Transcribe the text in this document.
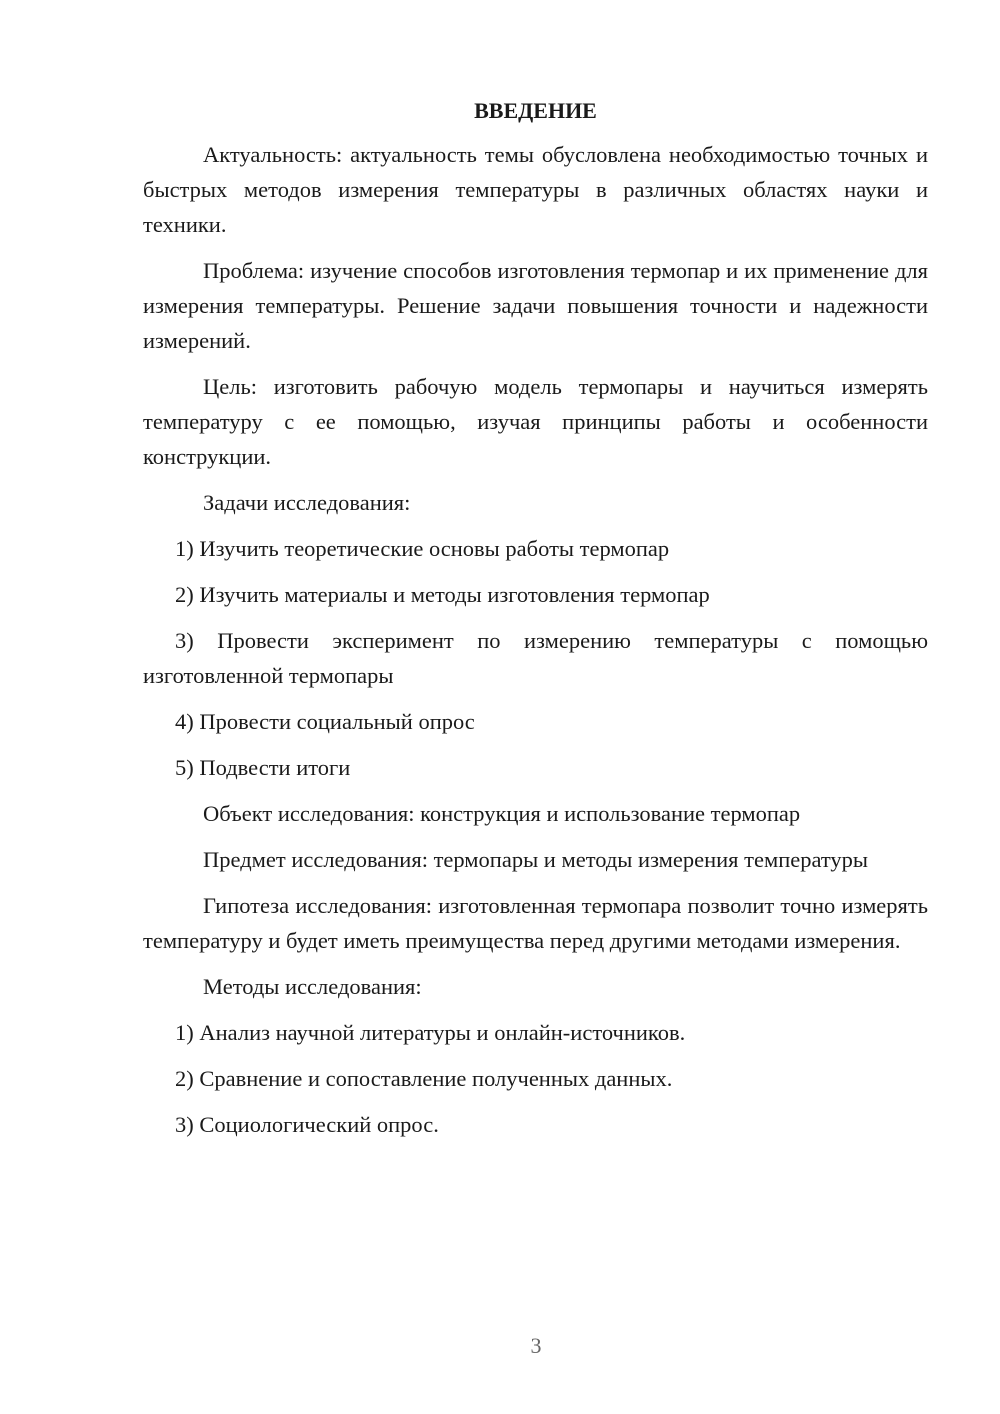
ВВЕДЕНИЕ

Актуальность: актуальность темы обусловлена необходимостью точных и быстрых методов измерения температуры в различных областях науки и техники.

Проблема: изучение способов изготовления термопар и их применение для измерения температуры. Решение задачи повышения точности и надежности измерений.

Цель: изготовить рабочую модель термопары и научиться измерять температуру с ее помощью, изучая принципы работы и особенности конструкции.

Задачи исследования:

1) Изучить теоретические основы работы термопар

2) Изучить материалы и методы изготовления термопар

3) Провести эксперимент по измерению температуры с помощью изготовленной термопары

4) Провести социальный опрос

5) Подвести итоги

Объект исследования: конструкция и использование термопар

Предмет исследования: термопары и методы измерения температуры

Гипотеза исследования: изготовленная термопара позволит точно измерять температуру и будет иметь преимущества перед другими методами измерения.

Методы исследования:

1) Анализ научной литературы и онлайн-источников.

2) Сравнение и сопоставление полученных данных.

3) Социологический опрос.

3
